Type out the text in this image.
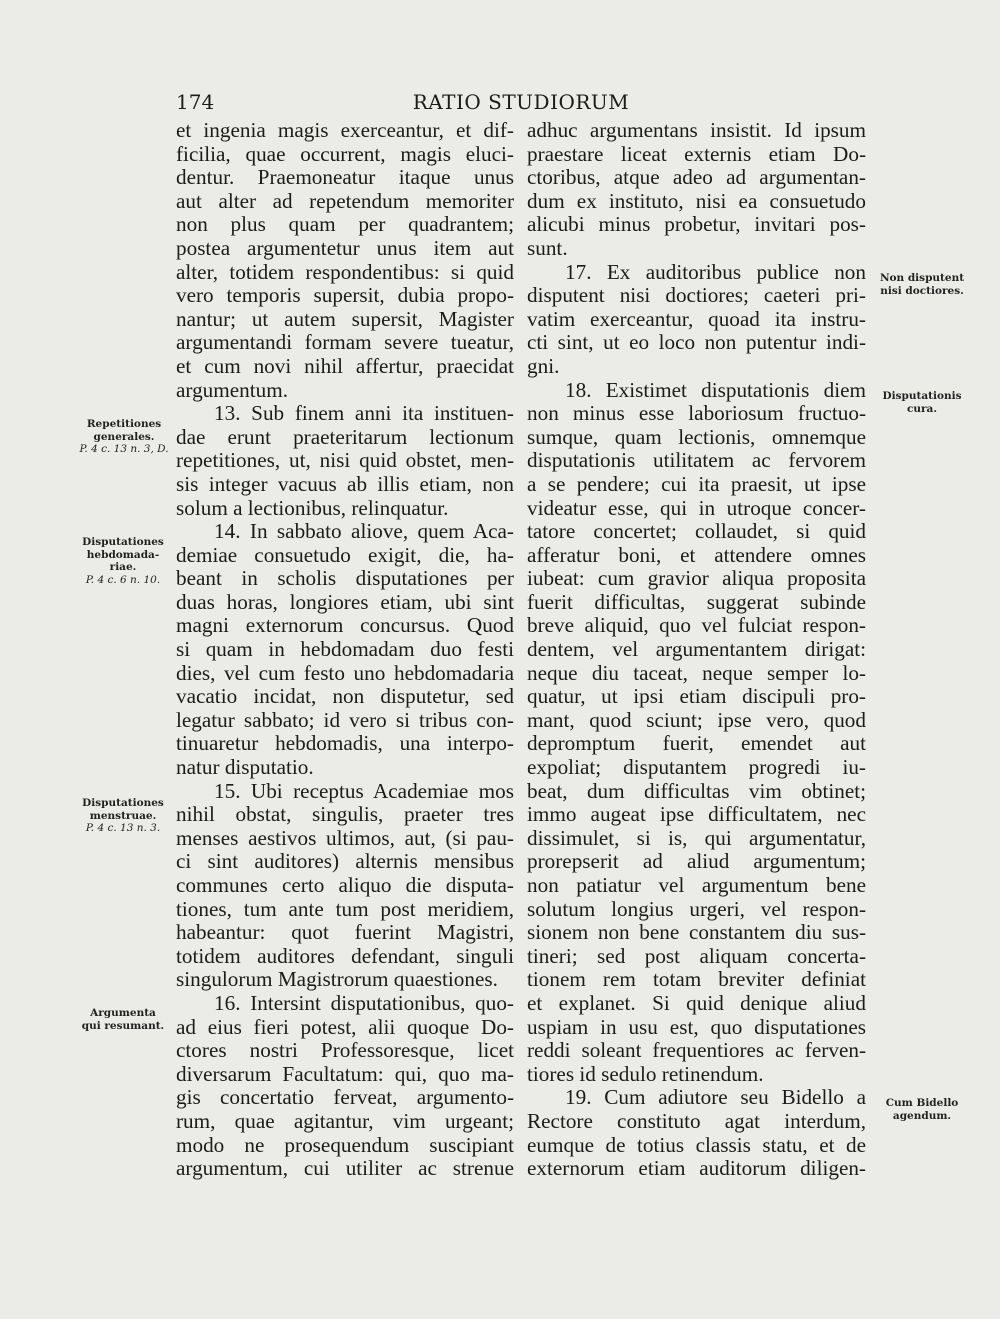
174	RATIO STUDIORUM
et ingenia magis exerceantur, et dif-
ficilia, quae occurrent, magis eluci-
dentur. Praemoneatur itaque unus
aut alter ad repetendum memoriter
non plus quam per quadrantem;
postea argumentetur unus item aut
alter, totidem respondentibus: si quid
vero temporis supersit, dubia propo-
nantur; ut autem supersit, Magister
argumentandi formam severe tueatur,
et cum novi nihil affertur, praecidat
argumentum.
13. Sub finem anni ita instituen-
dae erunt praeteritarum lectionum
repetitiones, ut, nisi quid obstet, men-
sis integer vacuus ab illis etiam, non
solum a lectionibus, relinquatur.
14. In sabbato aliove, quem Aca-
demiae consuetudo exigit, die, ha-
beant in scholis disputationes per
duas horas, longiores etiam, ubi sint
magni externorum concursus. Quod
si quam in hebdomadam duo festi
dies, vel cum festo uno hebdomadaria
vacatio incidat, non disputetur, sed
legatur sabbato; id vero si tribus con-
tinuaretur hebdomadis, una interpo-
natur disputatio.
15. Ubi receptus Academiae mos
nihil obstat, singulis, praeter tres
menses aestivos ultimos, aut, (si pau-
ci sint auditores) alternis mensibus
communes certo aliquo die disputa-
tiones, tum ante tum post meridiem,
habeantur: quot fuerint Magistri,
totidem auditores defendant, singuli
singulorum Magistrorum quaestiones.
16. Intersint disputationibus, quo-
ad eius fieri potest, alii quoque Do-
ctores nostri Professoresque, licet
diversarum Facultatum: qui, quo ma-
gis concertatio ferveat, argumento-
rum, quae agitantur, vim urgeant;
modo ne prosequendum suscipiant
argumentum, cui utiliter ac strenue
adhuc argumentans insistit. Id ipsum
praestare liceat externis etiam Do-
ctoribus, atque adeo ad argumentan-
dum ex instituto, nisi ea consuetudo
alicubi minus probetur, invitari pos-
sunt.
17. Ex auditoribus publice non
disputent nisi doctiores; caeteri pri-
vatim exerceantur, quoad ita instru-
cti sint, ut eo loco non putentur indi-
gni.
18. Existimet disputationis diem
non minus esse laboriosum fructuo-
sumque, quam lectionis, omnemque
disputationis utilitatem ac fervorem
a se pendere; cui ita praesit, ut ipse
videatur esse, qui in utroque concer-
tatore concertet; collaudet, si quid
afferatur boni, et attendere omnes
iubeat: cum gravior aliqua proposita
fuerit difficultas, suggerat subinde
breve aliquid, quo vel fulciat respon-
dentem, vel argumentantem dirigat:
neque diu taceat, neque semper lo-
quatur, ut ipsi etiam discipuli pro-
mant, quod sciunt; ipse vero, quod
depromptum fuerit, emendet aut
expoliat; disputantem progredi iu-
beat, dum difficultas vim obtinet;
immo augeat ipse difficultatem, nec
dissimulet, si is, qui argumentatur,
prorepserit ad aliud argumentum;
non patiatur vel argumentum bene
solutum longius urgeri, vel respon-
sionem non bene constantem diu sus-
tineri; sed post aliquam concerta-
tionem rem totam breviter definiat
et explanet. Si quid denique aliud
uspiam in usu est, quo disputationes
reddi soleant frequentiores ac ferven-
tiores id sedulo retinendum.
19. Cum adiutore seu Bidello a
Rectore constituto agat interdum,
eumque de totius classis statu, et de
externorum etiam auditorum diligen-
Repetitiones
generales.
P. 4 c. 13 n. 3, D.
Disputationes
hebdomada-
riae.
P. 4 c. 6 n. 10.
Disputationes
menstruae.
P. 4 c. 13 n. 3.
Argumenta
qui resumant.
Non disputent
nisi doctiores.
Disputationis
cura.
Cum Bidello
agendum.
